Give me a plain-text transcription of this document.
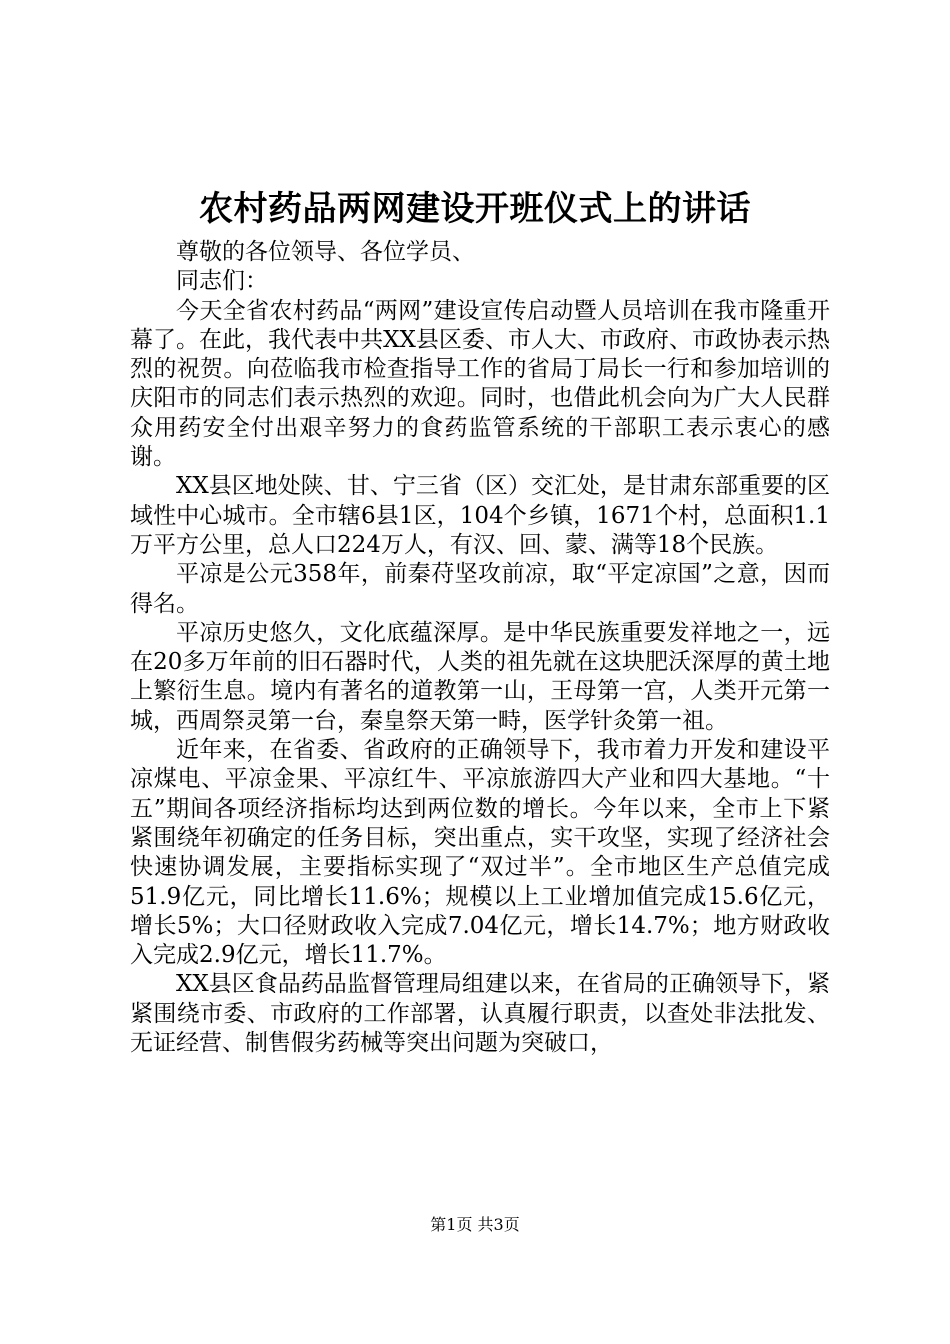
农村药品两网建设开班仪式上的讲话

尊敬的各位领导、各位学员、

同志们：

今天全省农村药品“两网”建设宣传启动暨人员培训在我市隆重开幕了。在此，我代表中共XX县区委、市人大、市政府、市政协表示热烈的祝贺。向莅临我市检查指导工作的省局丁局长一行和参加培训的庆阳市的同志们表示热烈的欢迎。同时，也借此机会向为广大人民群众用药安全付出艰辛努力的食药监管系统的干部职工表示衷心的感谢。

XX县区地处陕、甘、宁三省（区）交汇处，是甘肃东部重要的区域性中心城市。全市辖6县1区，104个乡镇，1671个村，总面积1.1万平方公里，总人口224万人，有汉、回、蒙、满等18个民族。

平凉是公元358年，前秦苻坚攻前凉，取“平定凉国”之意，因而得名。

平凉历史悠久，文化底蕴深厚。是中华民族重要发祥地之一，远在20多万年前的旧石器时代，人类的祖先就在这块肥沃深厚的黄土地上繁衍生息。境内有著名的道教第一山，王母第一宫，人类开元第一城，西周祭灵第一台，秦皇祭天第一畤，医学针灸第一祖。

近年来，在省委、省政府的正确领导下，我市着力开发和建设平凉煤电、平凉金果、平凉红牛、平凉旅游四大产业和四大基地。“十五”期间各项经济指标均达到两位数的增长。今年以来，全市上下紧紧围绕年初确定的任务目标，突出重点，实干攻坚，实现了经济社会快速协调发展，主要指标实现了“双过半”。全市地区生产总值完成51.9亿元，同比增长11.6%；规模以上工业增加值完成15.6亿元，增长5%；大口径财政收入完成7.04亿元，增长14.7%；地方财政收入完成2.9亿元，增长11.7%。

XX县区食品药品监督管理局组建以来，在省局的正确领导下，紧紧围绕市委、市政府的工作部署，认真履行职责，以查处非法批发、无证经营、制售假劣药械等突出问题为突破口，

第1页 共3页
